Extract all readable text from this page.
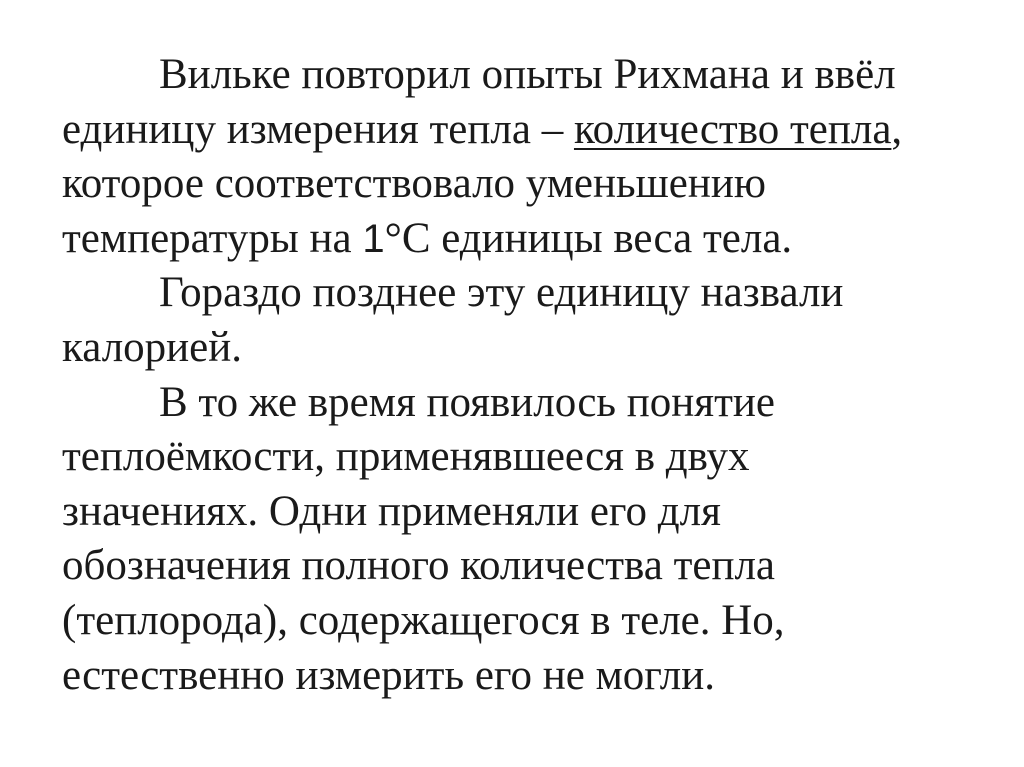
Вильке повторил опыты Рихмана и ввёл
единицу измерения тепла – количество тепла,
которое соответствовало уменьшению
температуры на 1°С единицы веса тела.
Гораздо позднее эту единицу назвали
калорией.
В то же время появилось понятие
теплоёмкости, применявшееся в двух
значениях. Одни применяли его для
обозначения полного количества тепла
(теплорода), содержащегося в теле. Но,
естественно измерить его не могли.
